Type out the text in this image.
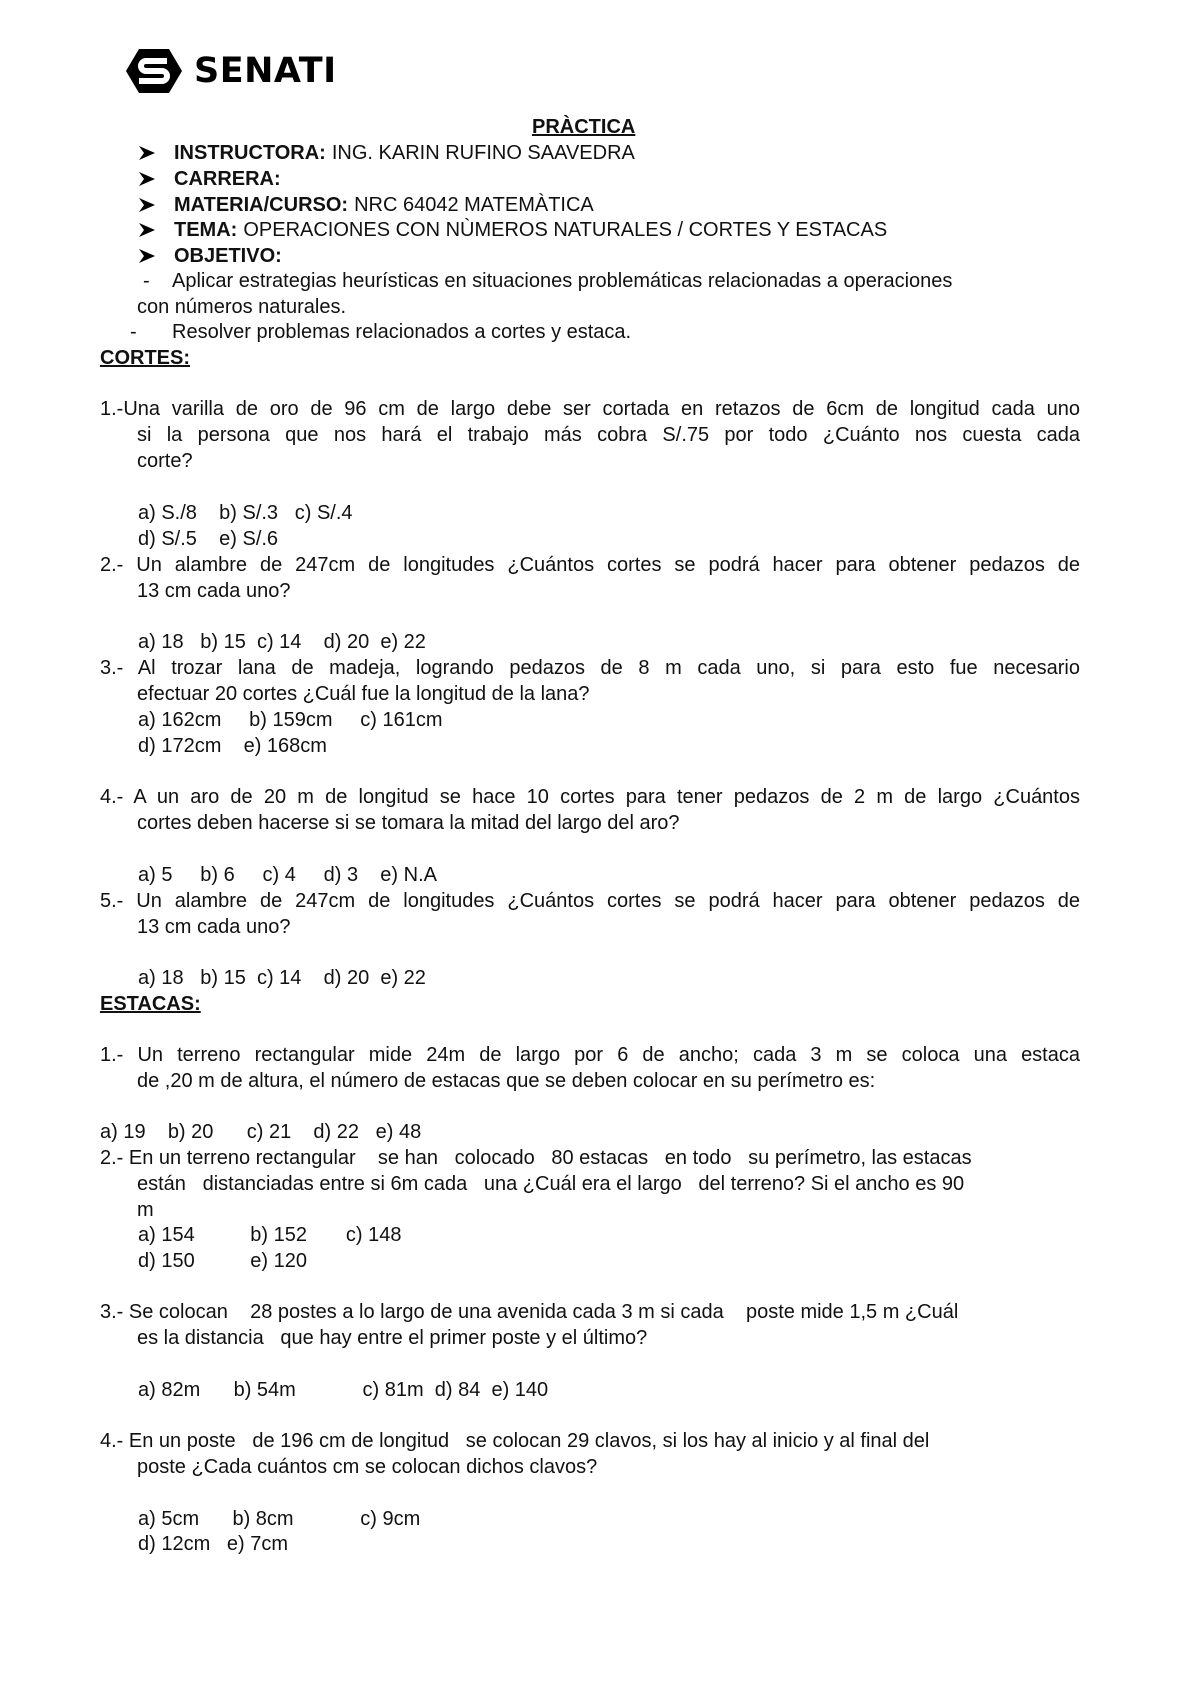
SENATI
PRÀCTICA
INSTRUCTORA: ING. KARIN RUFINO SAAVEDRA
CARRERA:
MATERIA/CURSO: NRC 64042 MATEMÀTICA
TEMA: OPERACIONES CON NÙMEROS NATURALES / CORTES Y ESTACAS
OBJETIVO:
- Aplicar estrategias heurísticas en situaciones problemáticas relacionadas a operaciones
con números naturales.
- Resolver problemas relacionados a cortes y estaca.
CORTES:
1.-Una varilla de oro de 96 cm de largo debe ser cortada en retazos de 6cm de longitud cada uno
si la persona que nos hará el trabajo más cobra S/.75 por todo ¿Cuánto nos cuesta cada
corte?
a) S./8    b) S/.3   c) S/.4
d) S/.5    e) S/.6
2.- Un alambre de 247cm de longitudes ¿Cuántos cortes se podrá hacer para obtener pedazos de
13 cm cada uno?
a) 18   b) 15  c) 14    d) 20  e) 22
3.- Al trozar lana de madeja, logrando pedazos de 8 m cada uno, si para esto fue necesario
efectuar 20 cortes ¿Cuál fue la longitud de la lana?
a) 162cm     b) 159cm     c) 161cm
d) 172cm    e) 168cm
4.- A un aro de 20 m de longitud se hace 10 cortes para tener pedazos de 2 m de largo ¿Cuántos
cortes deben hacerse si se tomara la mitad del largo del aro?
a) 5     b) 6     c) 4     d) 3    e) N.A
5.- Un alambre de 247cm de longitudes ¿Cuántos cortes se podrá hacer para obtener pedazos de
13 cm cada uno?
a) 18   b) 15  c) 14    d) 20  e) 22
ESTACAS:
1.- Un terreno rectangular mide 24m de largo por 6 de ancho; cada 3 m se coloca una estaca
de ,20 m de altura, el número de estacas que se deben colocar en su perímetro es:
a) 19    b) 20      c) 21    d) 22   e) 48
2.- En un terreno rectangular    se han   colocado   80 estacas   en todo   su perímetro, las estacas
están   distanciadas entre si 6m cada   una ¿Cuál era el largo   del terreno? Si el ancho es 90
m
a) 154          b) 152       c) 148
d) 150          e) 120
3.- Se colocan    28 postes a lo largo de una avenida cada 3 m si cada    poste mide 1,5 m ¿Cuál
es la distancia   que hay entre el primer poste y el último?
a) 82m      b) 54m            c) 81m  d) 84  e) 140
4.- En un poste   de 196 cm de longitud   se colocan 29 clavos, si los hay al inicio y al final del
poste ¿Cada cuántos cm se colocan dichos clavos?
a) 5cm      b) 8cm            c) 9cm
d) 12cm   e) 7cm
